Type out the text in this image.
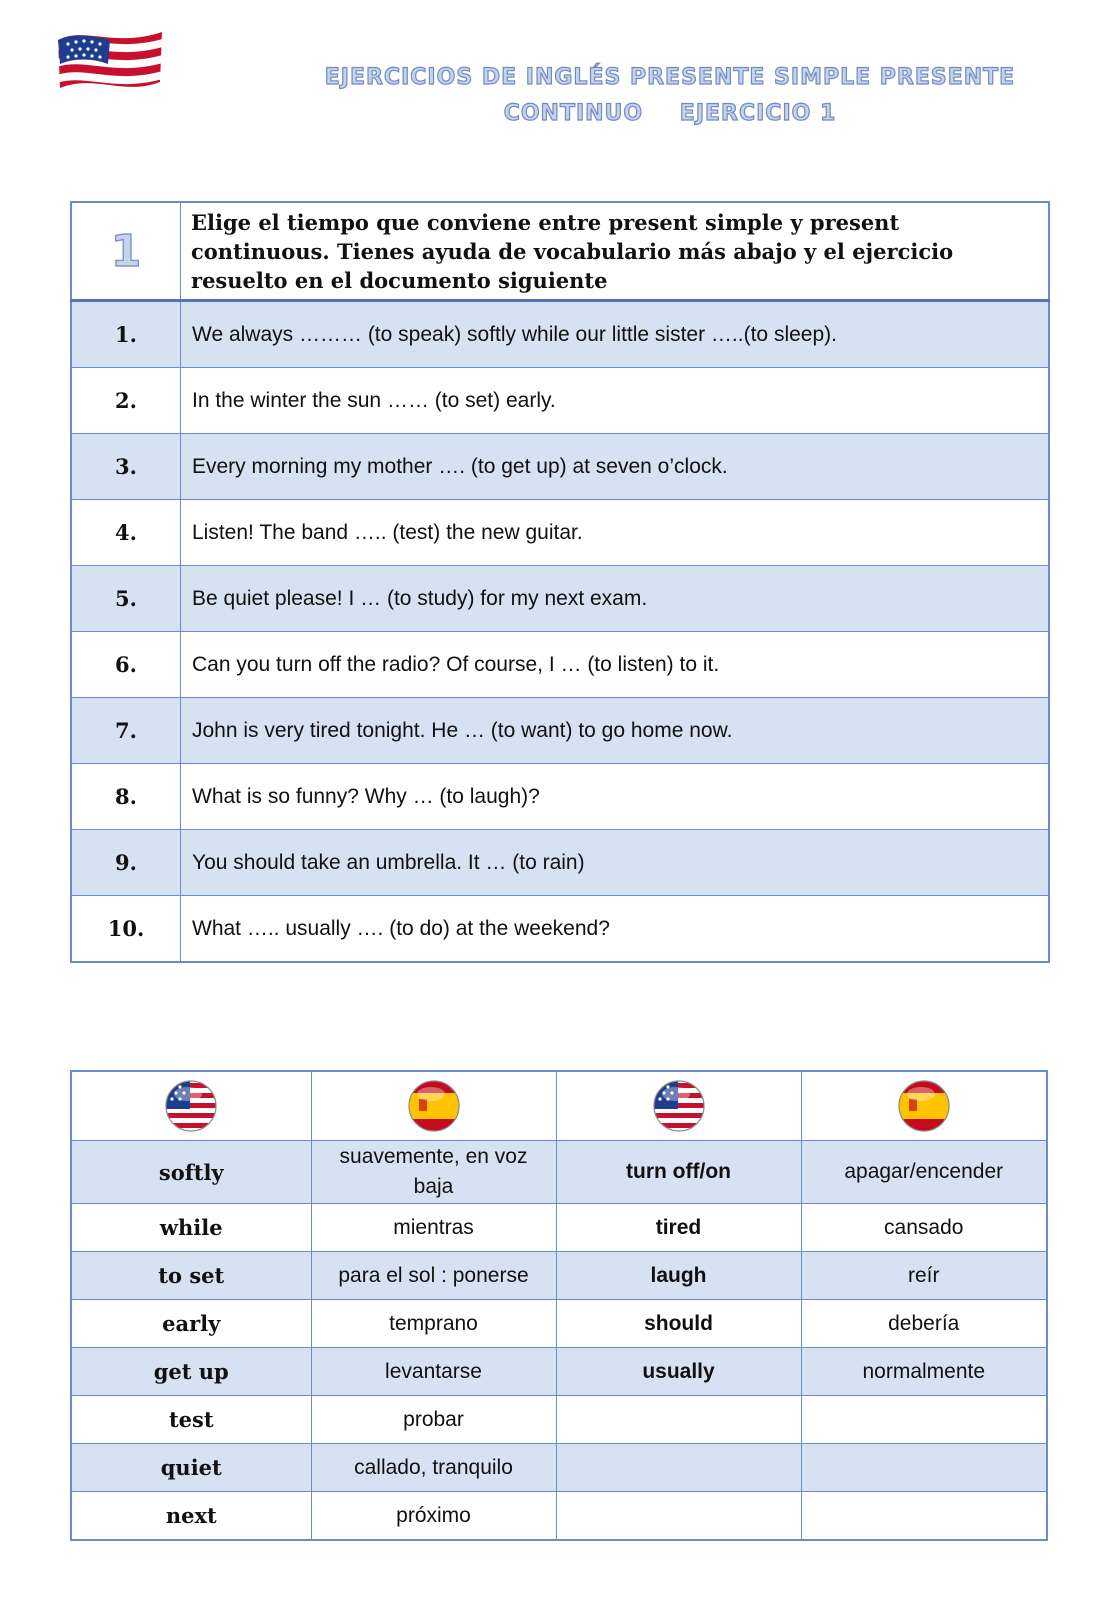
EJERCICIOS DE INGLÉS PRESENTE SIMPLE PRESENTE
CONTINUO EJERCICIO 1
1	Elige el tiempo que conviene entre present simple y present continuous. Tienes ayuda de vocabulario más abajo y el ejercicio resuelto en el documento siguiente
1.	We always ……… (to speak) softly while our little sister …..(to sleep).
2.	In the winter the sun …… (to set) early.
3.	Every morning my mother …. (to get up) at seven o’clock.
4.	Listen! The band ….. (test) the new guitar.
5.	Be quiet please! I … (to study) for my next exam.
6.	Can you turn off the radio? Of course, I … (to listen) to it.
7.	John is very tired tonight. He … (to want) to go home now.
8.	What is so funny? Why … (to laugh)?
9.	You should take an umbrella. It … (to rain)
10.	What ….. usually …. (to do) at the weekend?

softly	suavemente, en voz baja	turn off/on	apagar/encender
while	mientras	tired	cansado
to set	para el sol : ponerse	laugh	reír
early	temprano	should	debería
get up	levantarse	usually	normalmente
test	probar		
quiet	callado, tranquilo		
next	próximo		
